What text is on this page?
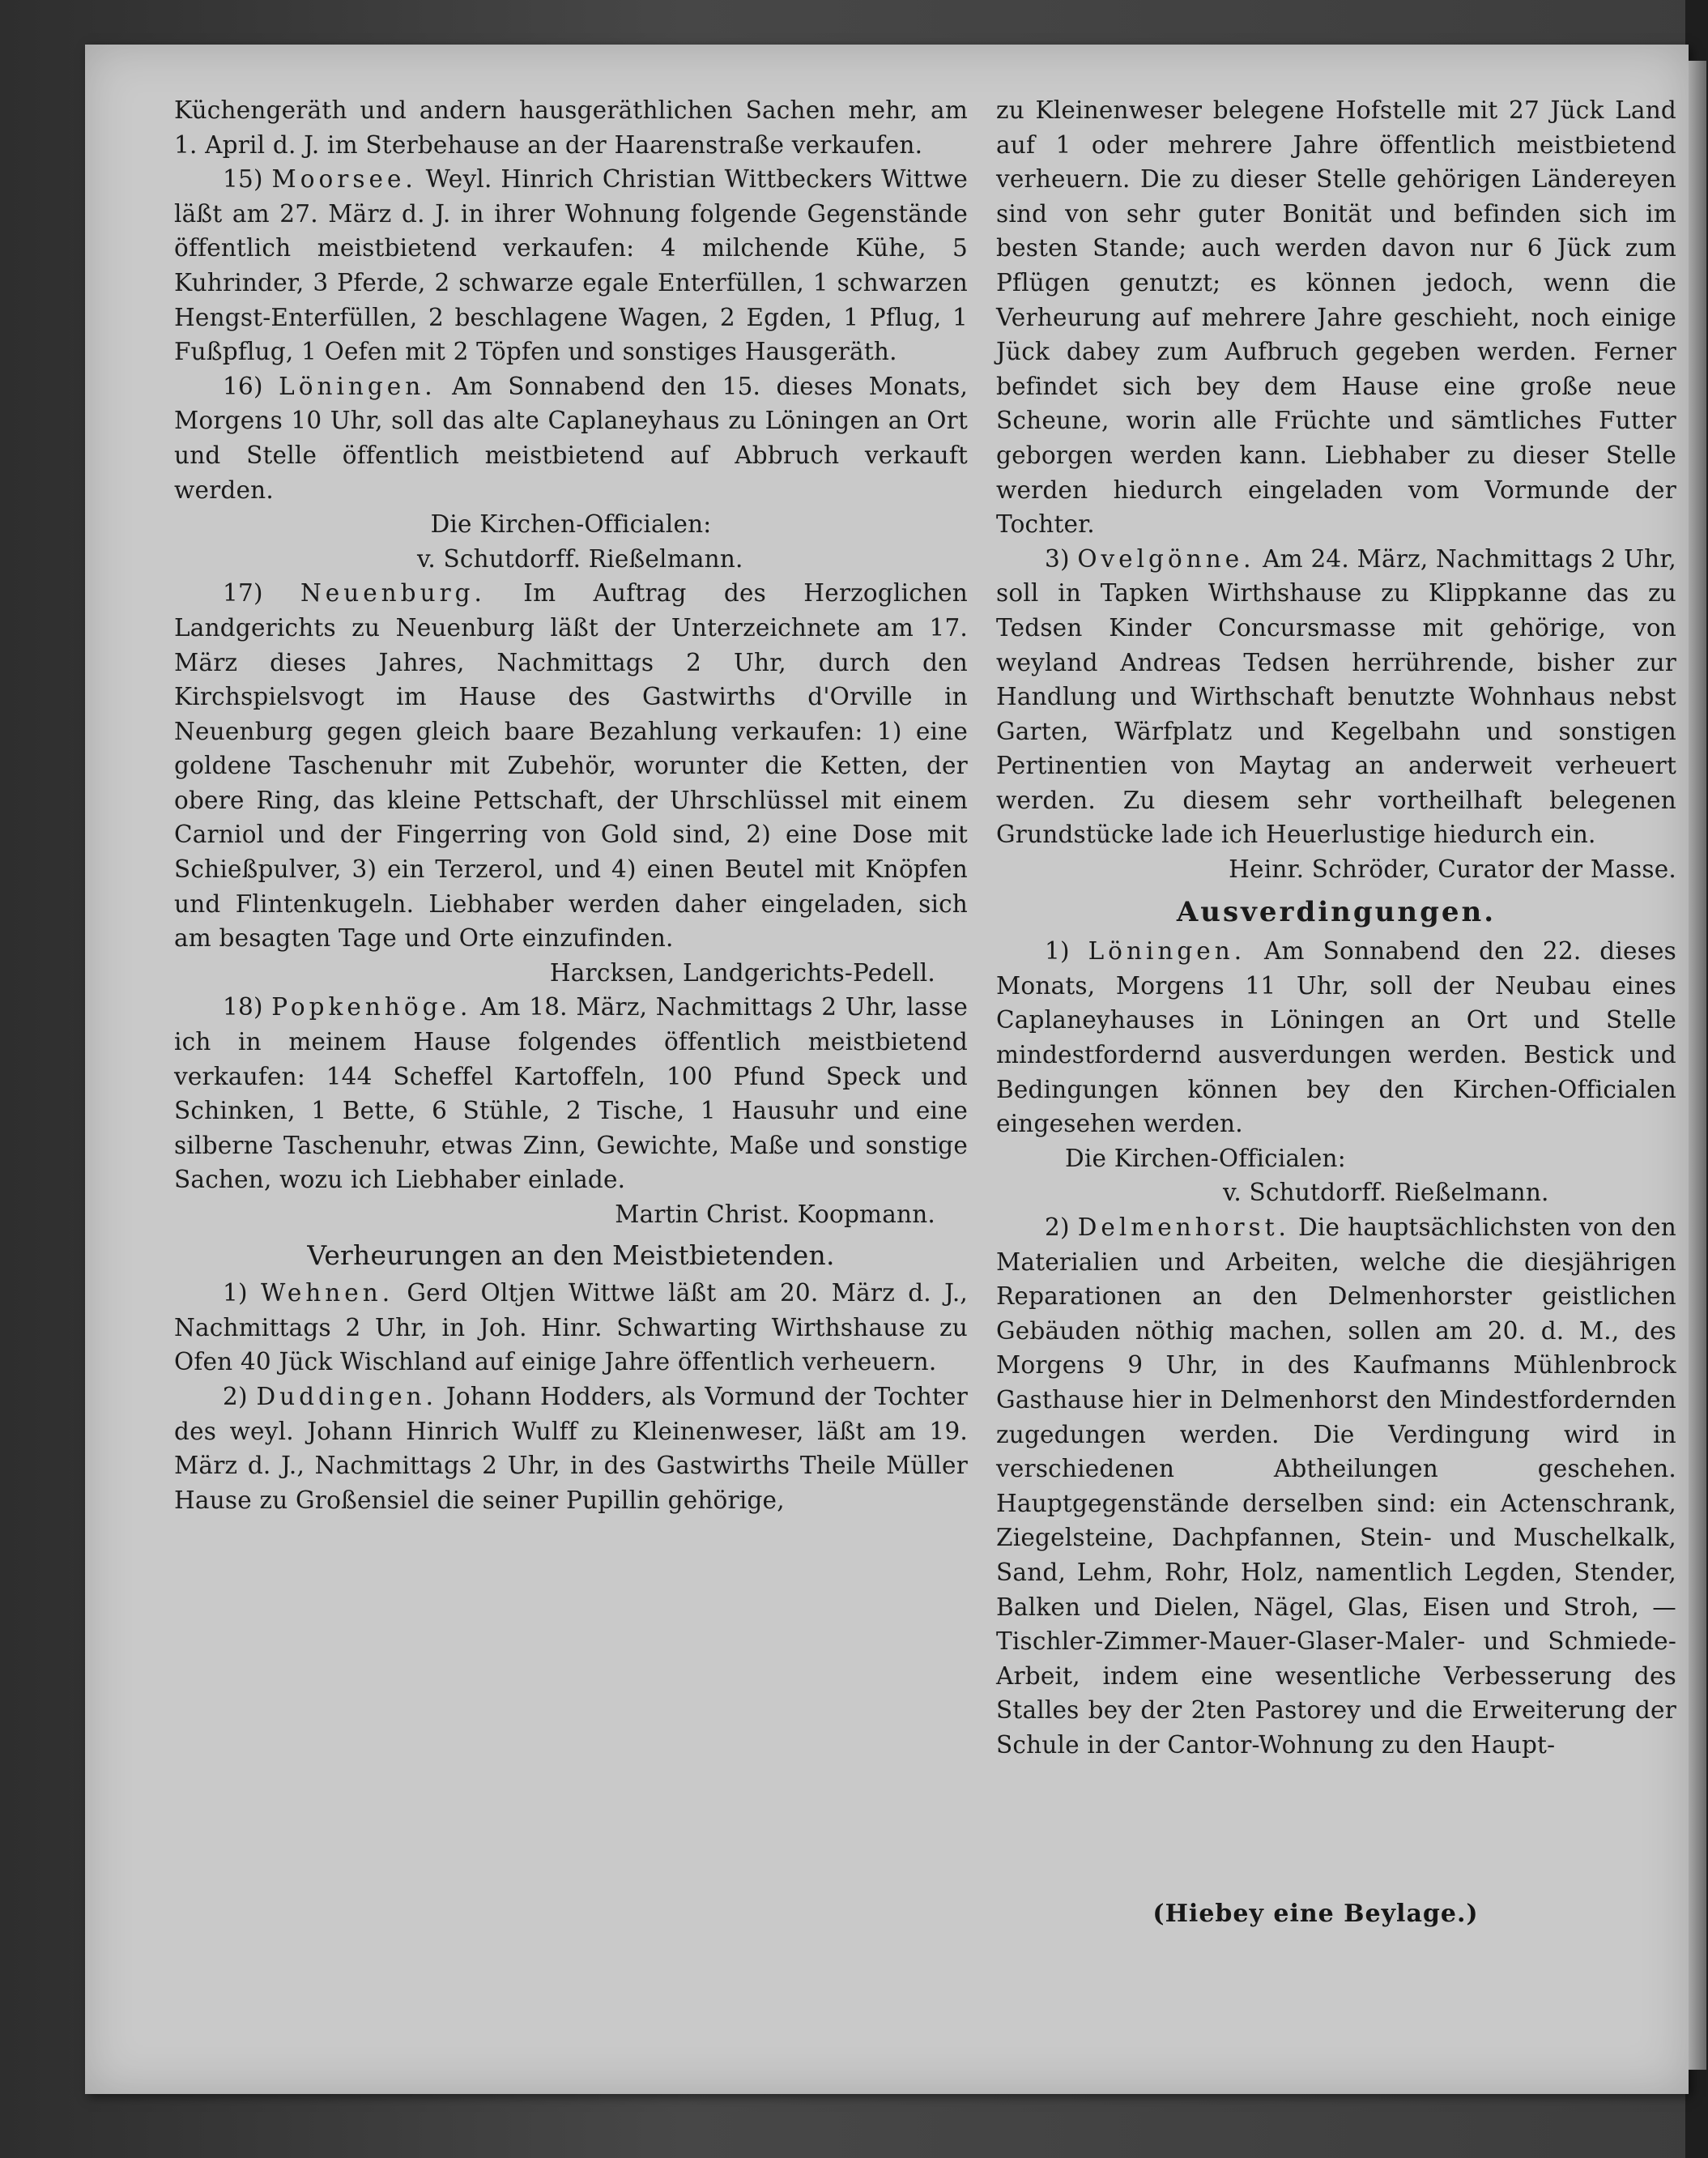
Küchengeräth und andern hausgeräthlichen Sachen mehr, am 1. April d. J. im Sterbehause an der Haarenstraße verkaufen.

15) Moorsee. Weyl. Hinrich Christian Wittbeckers Wittwe läßt am 27. März d. J. in ihrer Wohnung folgende Gegenstände öffentlich meistbietend verkaufen: 4 milchende Kühe, 5 Kuhrinder, 3 Pferde, 2 schwarze egale Enterfüllen, 1 schwarzen Hengst-Enterfüllen, 2 beschlagene Wagen, 2 Egden, 1 Pflug, 1 Fußpflug, 1 Oefen mit 2 Töpfen und sonstiges Hausgeräth.

16) Löningen. Am Sonnabend den 15. dieses Monats, Morgens 10 Uhr, soll das alte Caplaneyhaus zu Löningen an Ort und Stelle öffentlich meistbietend auf Abbruch verkauft werden.

Die Kirchen-Officialen:

v. Schutdorff. Rießelmann.

17) Neuenburg. Im Auftrag des Herzoglichen Landgerichts zu Neuenburg läßt der Unterzeichnete am 17. März dieses Jahres, Nachmittags 2 Uhr, durch den Kirchspielsvogt im Hause des Gastwirths d'Orville in Neuenburg gegen gleich baare Bezahlung verkaufen: 1) eine goldene Taschenuhr mit Zubehör, worunter die Ketten, der obere Ring, das kleine Pettschaft, der Uhrschlüssel mit einem Carniol und der Fingerring von Gold sind, 2) eine Dose mit Schießpulver, 3) ein Terzerol, und 4) einen Beutel mit Knöpfen und Flintenkugeln. Liebhaber werden daher eingeladen, sich am besagten Tage und Orte einzufinden.

Harcksen, Landgerichts-Pedell.

18) Popkenhöge. Am 18. März, Nachmittags 2 Uhr, lasse ich in meinem Hause folgendes öffentlich meistbietend verkaufen: 144 Scheffel Kartoffeln, 100 Pfund Speck und Schinken, 1 Bette, 6 Stühle, 2 Tische, 1 Hausuhr und eine silberne Taschenuhr, etwas Zinn, Gewichte, Maße und sonstige Sachen, wozu ich Liebhaber einlade.

Martin Christ. Koopmann.

Verheurungen an den Meistbietenden.

1) Wehnen. Gerd Oltjen Wittwe läßt am 20. März d. J., Nachmittags 2 Uhr, in Joh. Hinr. Schwarting Wirthshause zu Ofen 40 Jück Wischland auf einige Jahre öffentlich verheuern.

2) Duddingen. Johann Hodders, als Vormund der Tochter des weyl. Johann Hinrich Wulff zu Kleinenweser, läßt am 19. März d. J., Nachmittags 2 Uhr, in des Gastwirths Theile Müller Hause zu Großensiel die seiner Pupillin gehörige,

zu Kleinenweser belegene Hofstelle mit 27 Jück Land auf 1 oder mehrere Jahre öffentlich meistbietend verheuern. Die zu dieser Stelle gehörigen Ländereyen sind von sehr guter Bonität und befinden sich im besten Stande; auch werden davon nur 6 Jück zum Pflügen genutzt; es können jedoch, wenn die Verheurung auf mehrere Jahre geschieht, noch einige Jück dabey zum Aufbruch gegeben werden. Ferner befindet sich bey dem Hause eine große neue Scheune, worin alle Früchte und sämtliches Futter geborgen werden kann. Liebhaber zu dieser Stelle werden hiedurch eingeladen vom Vormunde der Tochter.

3) Ovelgönne. Am 24. März, Nachmittags 2 Uhr, soll in Tapken Wirthshause zu Klippkanne das zu Tedsen Kinder Concursmasse mit gehörige, von weyland Andreas Tedsen herrührende, bisher zur Handlung und Wirthschaft benutzte Wohnhaus nebst Garten, Wärfplatz und Kegelbahn und sonstigen Pertinentien von Maytag an anderweit verheuert werden. Zu diesem sehr vortheilhaft belegenen Grundstücke lade ich Heuerlustige hiedurch ein.

Heinr. Schröder, Curator der Masse.

Ausverdingungen.

1) Löningen. Am Sonnabend den 22. dieses Monats, Morgens 11 Uhr, soll der Neubau eines Caplaneyhauses in Löningen an Ort und Stelle mindestfordernd ausverdungen werden. Bestick und Bedingungen können bey den Kirchen-Officialen eingesehen werden.

Die Kirchen-Officialen:

v. Schutdorff. Rießelmann.

2) Delmenhorst. Die hauptsächlichsten von den Materialien und Arbeiten, welche die diesjährigen Reparationen an den Delmenhorster geistlichen Gebäuden nöthig machen, sollen am 20. d. M., des Morgens 9 Uhr, in des Kaufmanns Mühlenbrock Gasthause hier in Delmenhorst den Mindestfordernden zugedungen werden. Die Verdingung wird in verschiedenen Abtheilungen geschehen. Hauptgegenstände derselben sind: ein Actenschrank, Ziegelsteine, Dachpfannen, Stein- und Muschelkalk, Sand, Lehm, Rohr, Holz, namentlich Legden, Stender, Balken und Dielen, Nägel, Glas, Eisen und Stroh, — Tischler-Zimmer-Mauer-Glaser-Maler- und Schmiede-Arbeit, indem eine wesentliche Verbesserung des Stalles bey der 2ten Pastorey und die Erweiterung der Schule in der Cantor-Wohnung zu den Haupt-

(Hiebey eine Beylage.)
